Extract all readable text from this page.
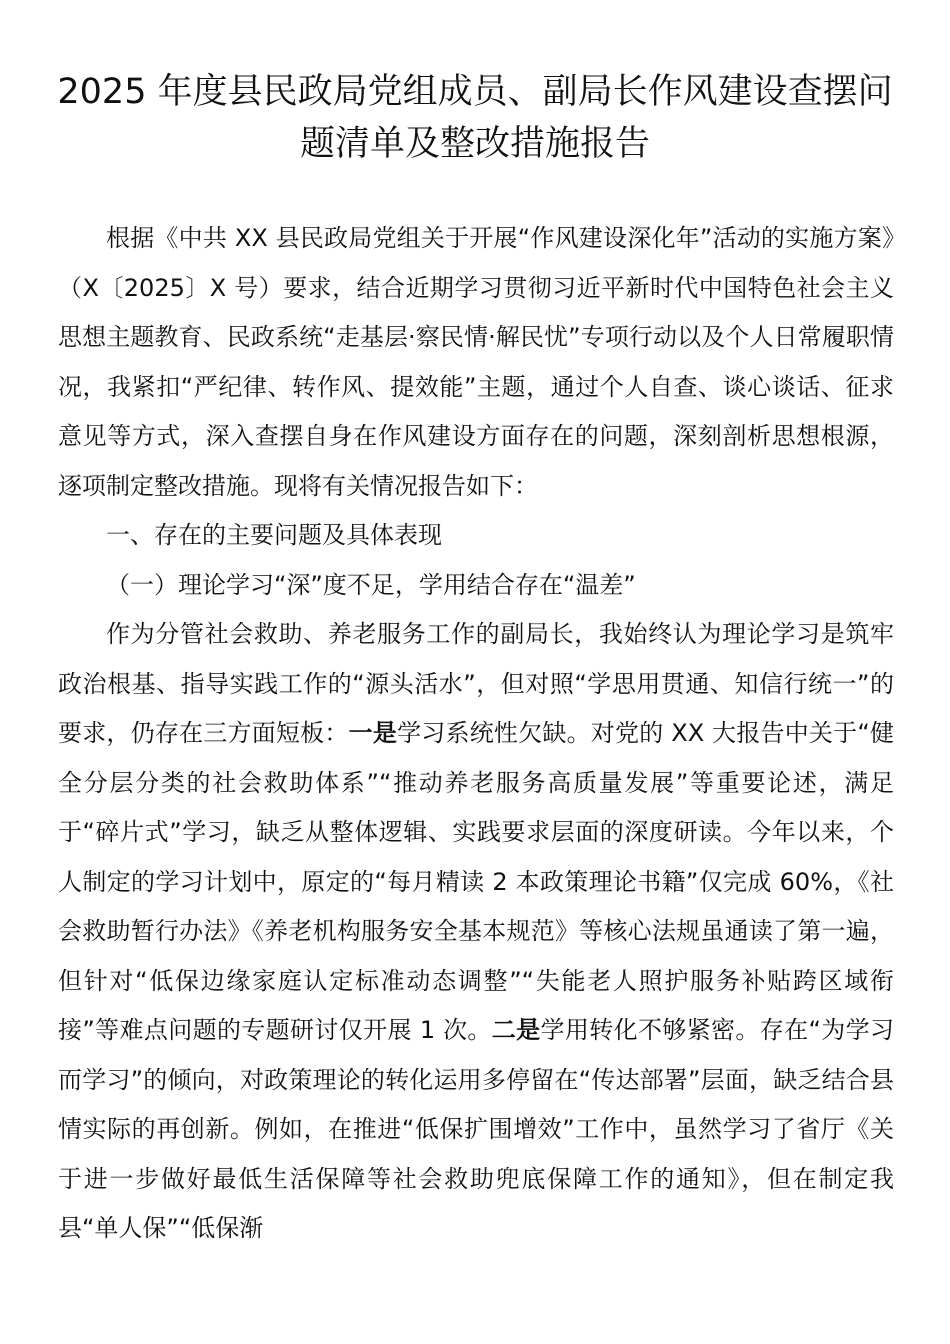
2025 年度县民政局党组成员、副局长作风建设查摆问
题清单及整改措施报告

根据《中共 XX 县民政局党组关于开展“作风建设深化年”活动的实施方案》（X〔2025〕X 号）要求，结合近期学习贯彻习近平新时代中国特色社会主义思想主题教育、民政系统“走基层·察民情·解民忧”专项行动以及个人日常履职情况，我紧扣“严纪律、转作风、提效能”主题，通过个人自查、谈心谈话、征求意见等方式，深入查摆自身在作风建设方面存在的问题，深刻剖析思想根源，逐项制定整改措施。现将有关情况报告如下：

一、存在的主要问题及具体表现

（一）理论学习“深”度不足，学用结合存在“温差”

作为分管社会救助、养老服务工作的副局长，我始终认为理论学习是筑牢政治根基、指导实践工作的“源头活水”，但对照“学思用贯通、知信行统一”的要求，仍存在三方面短板：一是学习系统性欠缺。对党的 XX 大报告中关于“健全分层分类的社会救助体系”“推动养老服务高质量发展”等重要论述，满足于“碎片式”学习，缺乏从整体逻辑、实践要求层面的深度研读。今年以来，个人制定的学习计划中，原定的“每月精读 2 本政策理论书籍”仅完成 60%，《社会救助暂行办法》《养老机构服务安全基本规范》等核心法规虽通读了第一遍，但针对“低保边缘家庭认定标准动态调整”“失能老人照护服务补贴跨区域衔接”等难点问题的专题研讨仅开展 1 次。二是学用转化不够紧密。存在“为学习而学习”的倾向，对政策理论的转化运用多停留在“传达部署”层面，缺乏结合县情实际的再创新。例如，在推进“低保扩围增效”工作中，虽然学习了省厅《关于进一步做好最低生活保障等社会救助兜底保障工作的通知》，但在制定我县“单人保”“低保渐
